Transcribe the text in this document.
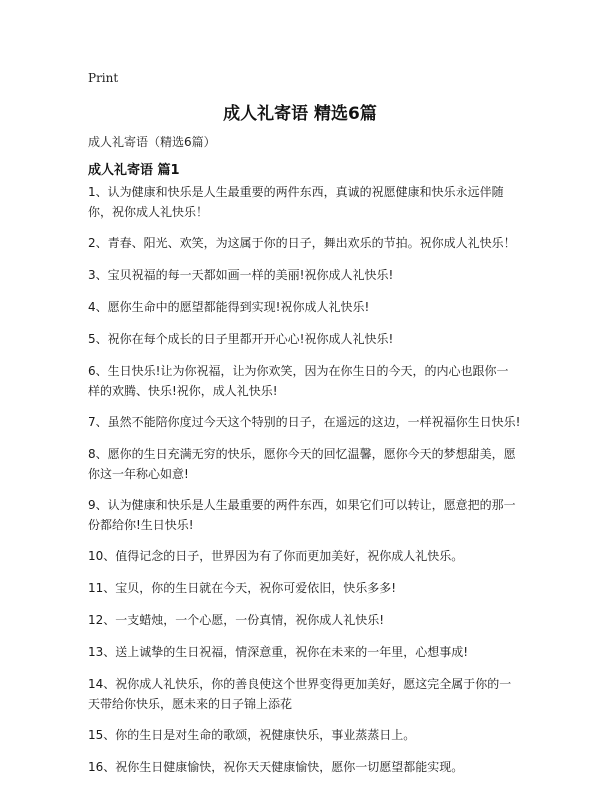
Print
成人礼寄语 精选6篇
成人礼寄语（精选6篇）
成人礼寄语 篇1
1、认为健康和快乐是人生最重要的两件东西，真诚的祝愿健康和快乐永远伴随你，祝你成人礼快乐！
2、青春、阳光、欢笑，为这属于你的日子，舞出欢乐的节拍。祝你成人礼快乐！
3、宝贝祝福的每一天都如画一样的美丽!祝你成人礼快乐!
4、愿你生命中的愿望都能得到实现!祝你成人礼快乐!
5、祝你在每个成长的日子里都开开心心!祝你成人礼快乐!
6、生日快乐!让为你祝福，让为你欢笑，因为在你生日的今天，的内心也跟你一样的欢腾、快乐!祝你，成人礼快乐!
7、虽然不能陪你度过今天这个特别的日子，在遥远的这边，一样祝福你生日快乐!
8、愿你的生日充满无穷的快乐，愿你今天的回忆温馨，愿你今天的梦想甜美，愿你这一年称心如意!
9、认为健康和快乐是人生最重要的两件东西，如果它们可以转让，愿意把的那一份都给你!生日快乐!
10、值得记念的日子，世界因为有了你而更加美好，祝你成人礼快乐。
11、宝贝，你的生日就在今天，祝你可爱依旧，快乐多多!
12、一支蜡烛，一个心愿，一份真情，祝你成人礼快乐!
13、送上诚挚的生日祝福，情深意重，祝你在未来的一年里，心想事成!
14、祝你成人礼快乐，你的善良使这个世界变得更加美好，愿这完全属于你的一天带给你快乐，愿未来的日子锦上添花
15、你的生日是对生命的歌颂，祝健康快乐，事业蒸蒸日上。
16、祝你生日健康愉快，祝你天天健康愉快，愿你一切愿望都能实现。
